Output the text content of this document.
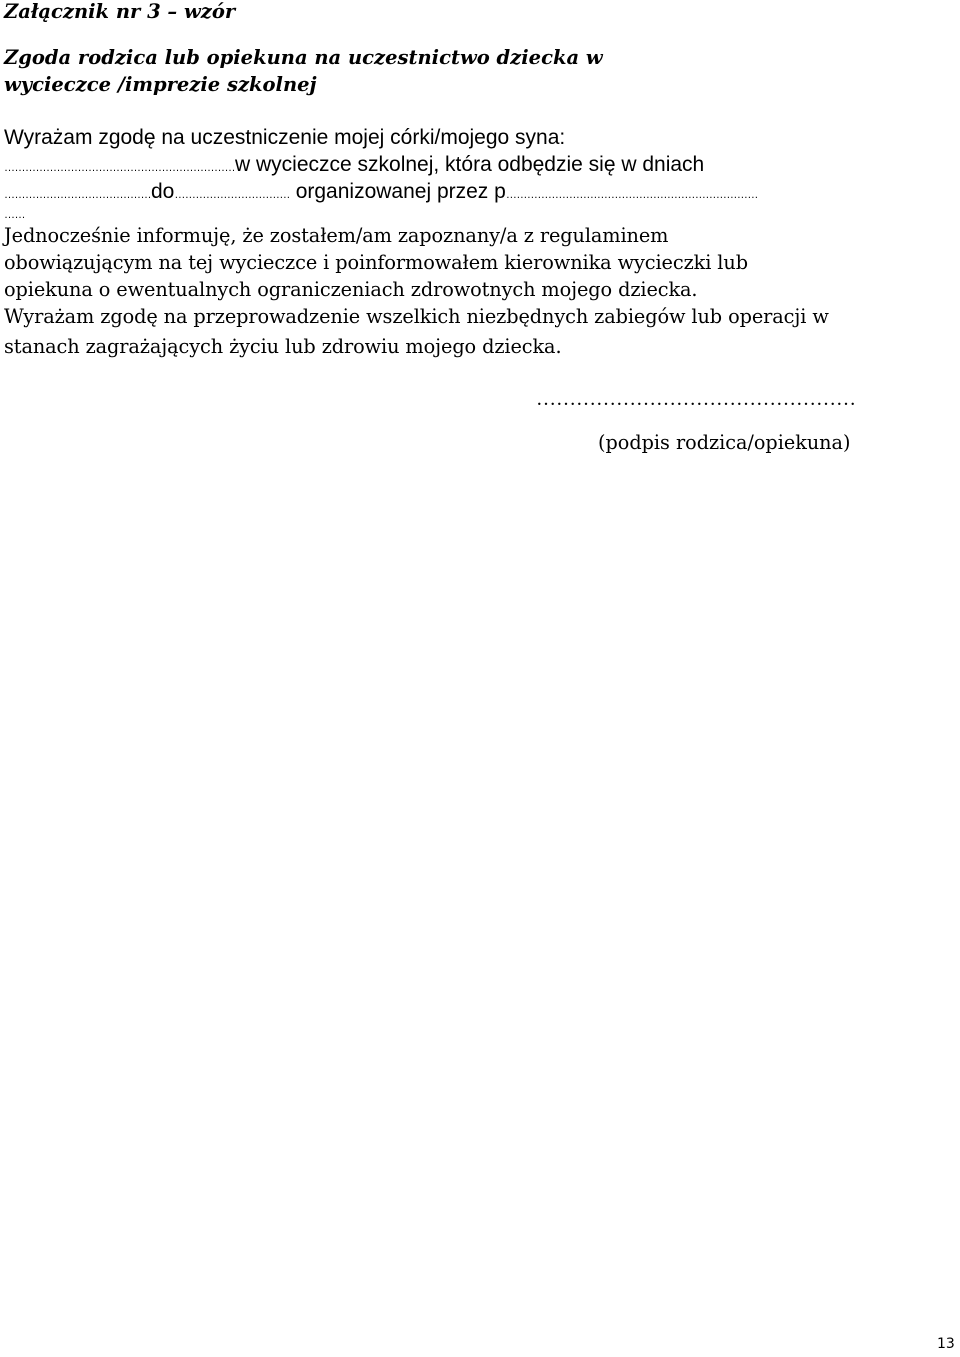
Załącznik nr 3 – wzór
Zgoda rodzica lub opiekuna na uczestnictwo dziecka w
wycieczce /imprezie szkolnej
Wyrażam zgodę na uczestniczenie mojej córki/mojego syna:
…………………………………………………………w wycieczce szkolnej, która odbędzie się w dniach
……………………………………do…………………………… organizowanej przez p………………………………………………………………
……
Jednocześnie informuję, że zostałem/am zapoznany/a z regulaminem
obowiązującym na tej wycieczce i poinformowałem kierownika wycieczki lub
opiekuna o ewentualnych ograniczeniach zdrowotnych mojego dziecka.
Wyrażam zgodę na przeprowadzenie wszelkich niezbędnych zabiegów lub operacji w
stanach zagrażających życiu lub zdrowiu mojego dziecka.
…………………………………………
(podpis rodzica/opiekuna)
13
